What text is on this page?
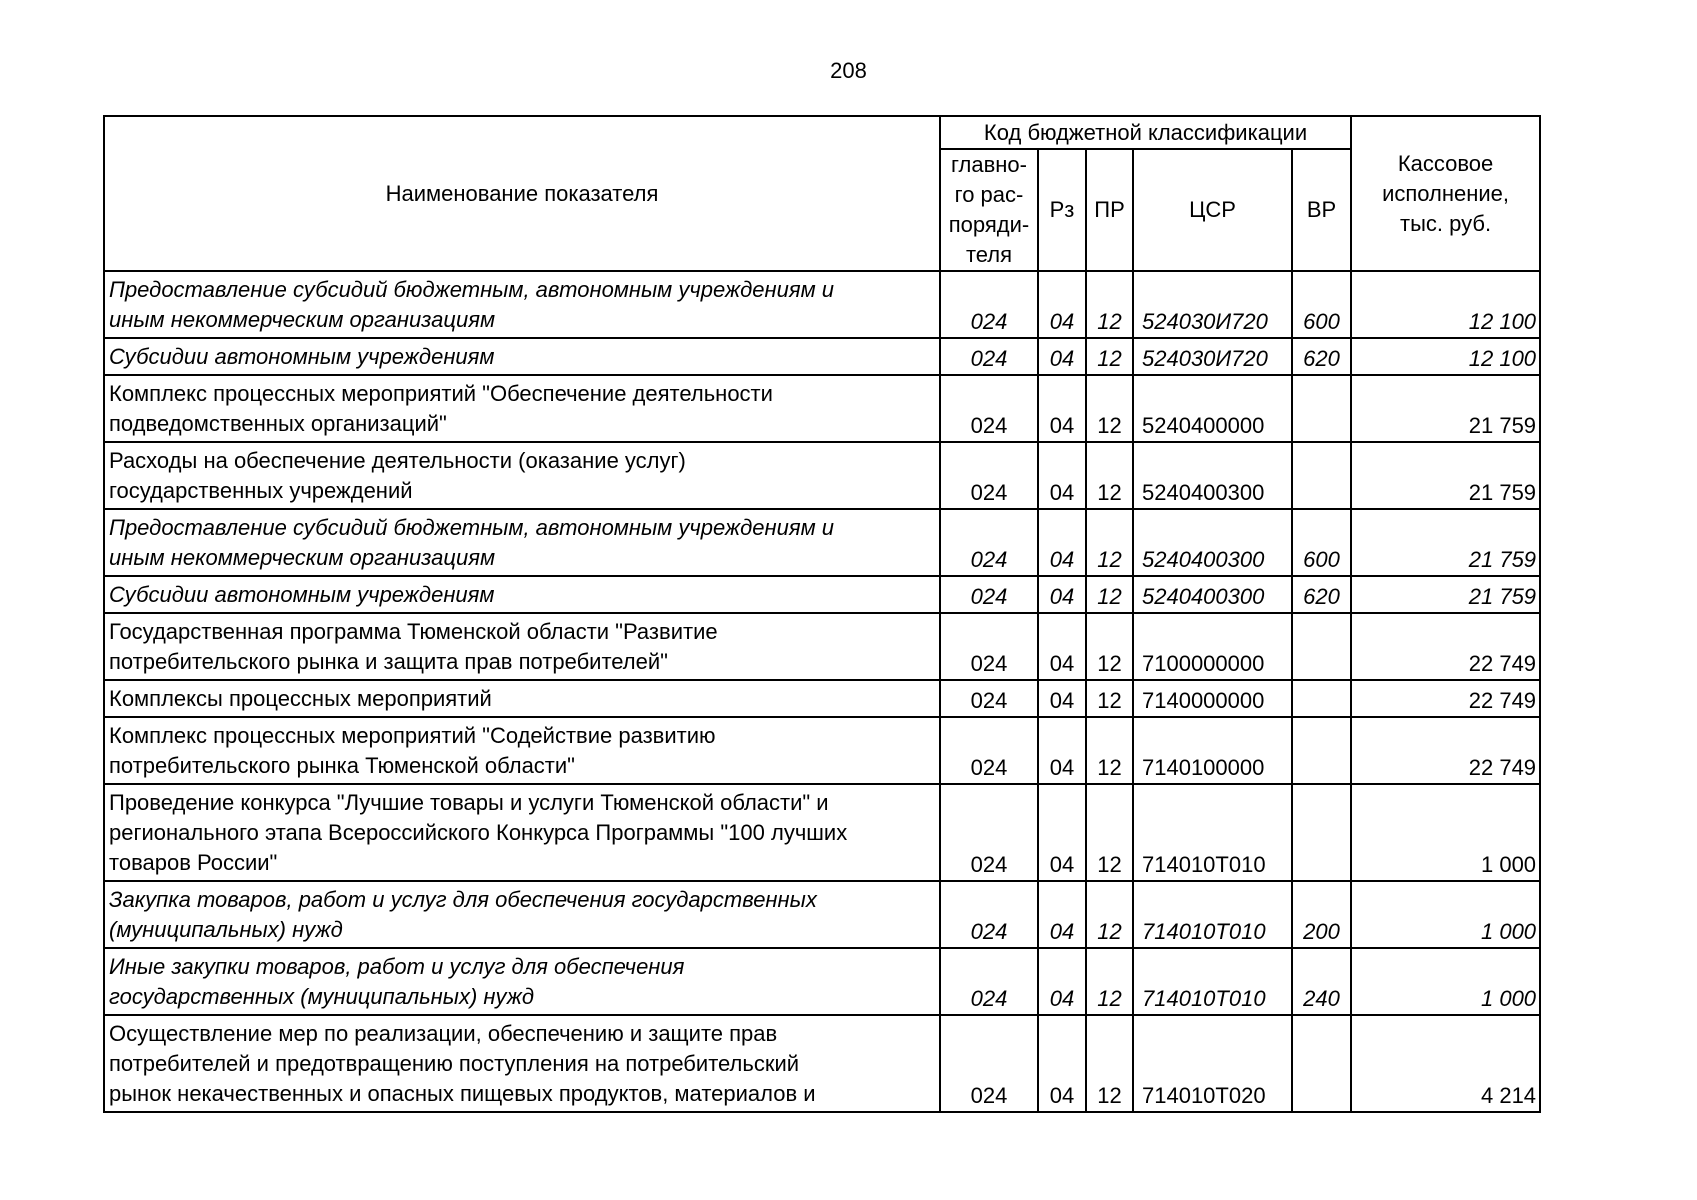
208
Наименование показателя	Код бюджетной классификации					Кассовое
исполнение,
тыс. руб.

	главно-
го рас-
поряди-
теля	Рз	ПР	ЦСР	ВР	

Предоставление субсидий бюджетным, автономным учреждениям и
иным некоммерческим организациям	024	04	12	524030И720	600	12 100

Субсидии автономным учреждениям	024	04	12	524030И720	620	12 100

Комплекс процессных мероприятий "Обеспечение деятельности
подведомственных организаций"	024	04	12	5240400000		21 759

Расходы на обеспечение деятельности (оказание услуг)
государственных учреждений	024	04	12	5240400300		21 759

Предоставление субсидий бюджетным, автономным учреждениям и
иным некоммерческим организациям	024	04	12	5240400300	600	21 759

Субсидии автономным учреждениям	024	04	12	5240400300	620	21 759

Государственная программа Тюменской области "Развитие
потребительского рынка и защита прав потребителей"	024	04	12	7100000000		22 749

Комплексы процессных мероприятий	024	04	12	7140000000		22 749

Комплекс процессных мероприятий "Содействие развитию
потребительского рынка Тюменской области"	024	04	12	7140100000		22 749

Проведение конкурса "Лучшие товары и услуги Тюменской области" и
регионального этапа Всероссийского Конкурса Программы "100 лучших
товаров России"	024	04	12	714010Т010		1 000

Закупка товаров, работ и услуг для обеспечения государственных
(муниципальных) нужд	024	04	12	714010Т010	200	1 000

Иные закупки товаров, работ и услуг для обеспечения
государственных (муниципальных) нужд	024	04	12	714010Т010	240	1 000

Осуществление мер по реализации, обеспечению и защите прав
потребителей и предотвращению поступления на потребительский
рынок некачественных и опасных пищевых продуктов, материалов и	024	04	12	714010Т020		4 214
